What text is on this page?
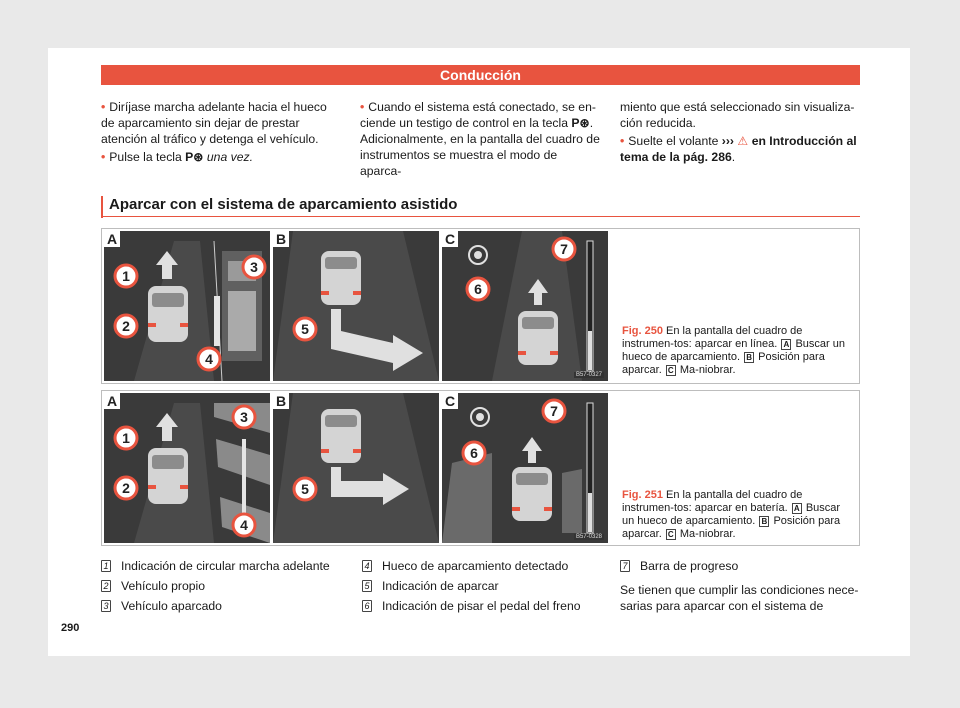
Conducción

• Diríjase marcha adelante hacia el hueco de aparcamiento sin dejar de prestar atención al tráfico y detenga el vehículo.

• Pulse la tecla P⊛ una vez.

• Cuando el sistema está conectado, se en-ciende un testigo de control en la tecla P⊛. Adicionalmente, en la pantalla del cuadro de instrumentos se muestra el modo de aparca-

miento que está seleccionado sin visualiza-ción reducida.

• Suelte el volante ››› ⚠ en Introducción al tema de la pág. 286.

Aparcar con el sistema de aparcamiento asistido
1
2
3
4
A
5
B
7
6
C
B57-0327
Fig. 250 En la pantalla del cuadro de instrumen-tos: aparcar en línea. A Buscar un hueco de aparcamiento. B Posición para aparcar. C Ma-niobrar.
1
2
3
4
A
5
B
7
6
C
B57-0328
Fig. 251 En la pantalla del cuadro de instrumen-tos: aparcar en batería. A Buscar un hueco de aparcamiento. B Posición para aparcar. C Ma-niobrar.
1 Indicación de circular marcha adelante
2 Vehículo propio
3 Vehículo aparcado
4 Hueco de aparcamiento detectado
5 Indicación de aparcar
6 Indicación de pisar el pedal del freno
7 Barra de progreso

Se tienen que cumplir las condiciones nece-sarias para aparcar con el sistema de

290
